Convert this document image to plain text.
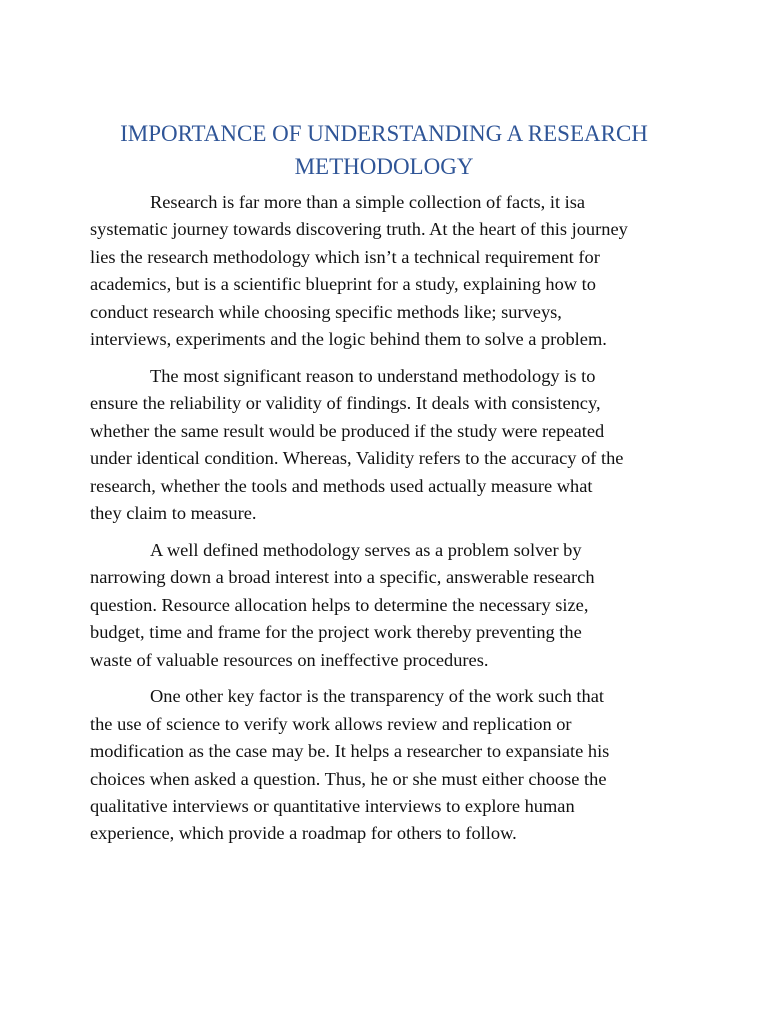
IMPORTANCE OF UNDERSTANDING A RESEARCH
METHODOLOGY

Research is far more than a simple collection of facts, it isa
systematic journey towards discovering truth. At the heart of this journey
lies the research methodology which isn’t a technical requirement for
academics, but is a scientific blueprint for a study, explaining how to
conduct research while choosing specific methods like; surveys,
interviews, experiments and the logic behind them to solve a problem.

The most significant reason to understand methodology is to
ensure the reliability or validity of findings. It deals with consistency,
whether the same result would be produced if the study were repeated
under identical condition. Whereas, Validity refers to the accuracy of the
research, whether the tools and methods used actually measure what
they claim to measure.

A well defined methodology serves as a problem solver by
narrowing down a broad interest into a specific, answerable research
question. Resource allocation helps to determine the necessary size,
budget, time and frame for the project work thereby preventing the
waste of valuable resources on ineffective procedures.

One other key factor is the transparency of the work such that
the use of science to verify work allows review and replication or
modification as the case may be. It helps a researcher to expansiate his
choices when asked a question. Thus, he or she must either choose the
qualitative interviews or quantitative interviews to explore human
experience, which provide a roadmap for others to follow.
